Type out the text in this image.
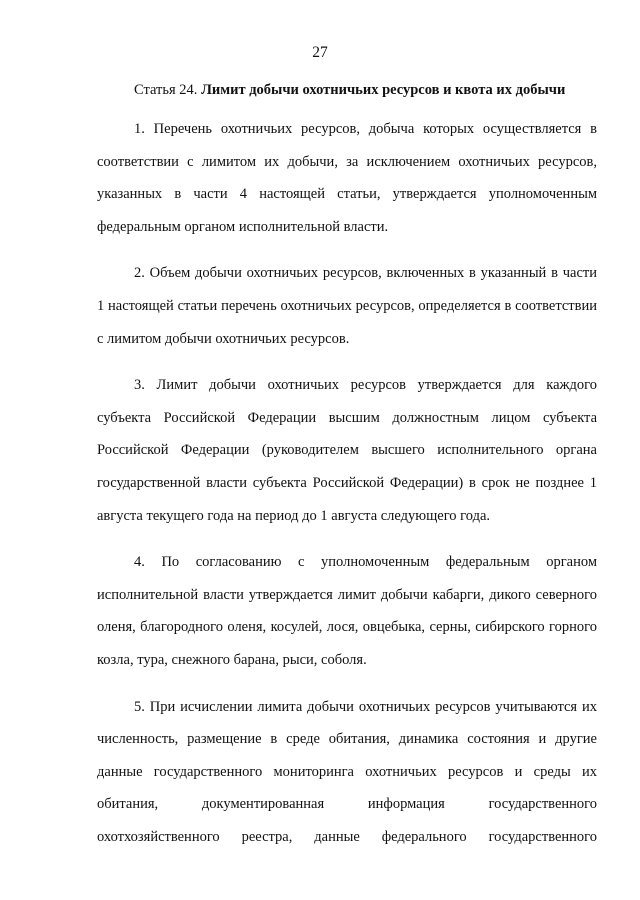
27

Статья 24. Лимит добычи охотничьих ресурсов и квота их добычи

1. Перечень охотничьих ресурсов, добыча которых осуществляется в соответствии с лимитом их добычи, за исключением охотничьих ресурсов, указанных в части 4 настоящей статьи, утверждается уполномоченным федеральным органом исполнительной власти.

2. Объем добычи охотничьих ресурсов, включенных в указанный в части 1 настоящей статьи перечень охотничьих ресурсов, определяется в соответствии с лимитом добычи охотничьих ресурсов.

3. Лимит добычи охотничьих ресурсов утверждается для каждого субъекта Российской Федерации высшим должностным лицом субъекта Российской Федерации (руководителем высшего исполнительного органа государственной власти субъекта Российской Федерации) в срок не позднее 1 августа текущего года на период до 1 августа следующего года.

4. По согласованию с уполномоченным федеральным органом исполнительной власти утверждается лимит добычи кабарги, дикого северного оленя, благородного оленя, косулей, лося, овцебыка, серны, сибирского горного козла, тура, снежного барана, рыси, соболя.

5. При исчислении лимита добычи охотничьих ресурсов учитываются их численность, размещение в среде обитания, динамика состояния и другие данные государственного мониторинга охотничьих ресурсов и среды их обитания, документированная информация государственного охотхозяйственного реестра, данные федерального государственного
